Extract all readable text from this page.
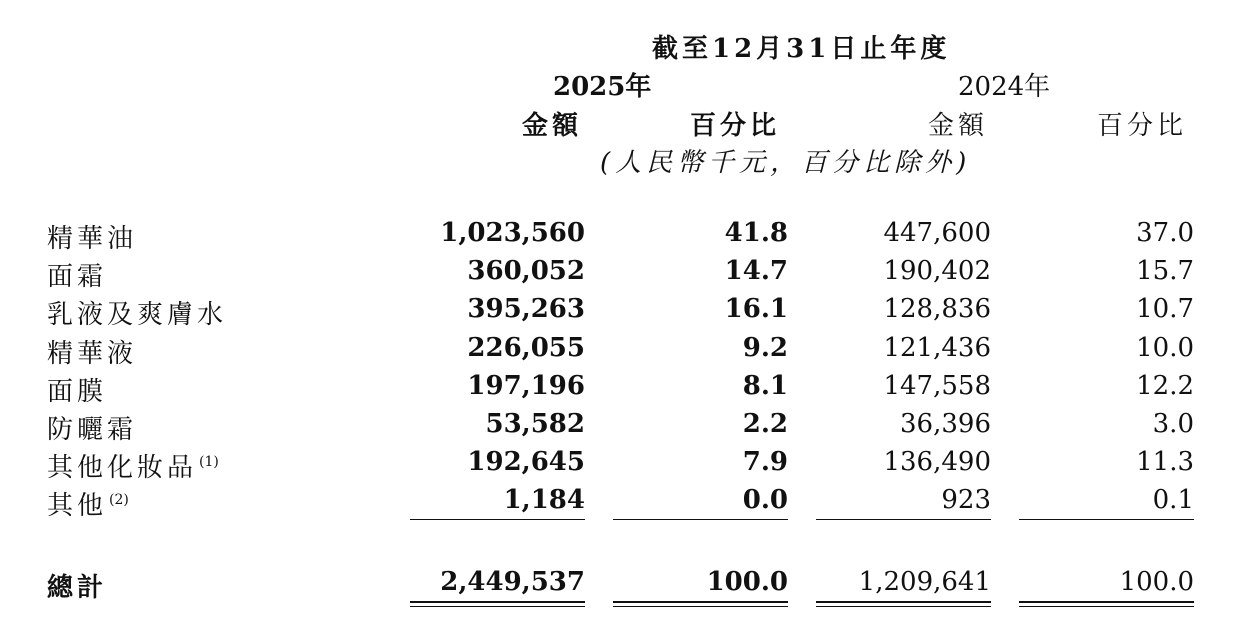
截至12月31日止年度
2025年	2024年
金額	百分比	金額	百分比
(人民幣千元，百分比除外)
精華油	1,023,560	41.8	447,600	37.0
面霜	360,052	14.7	190,402	15.7
乳液及爽膚水	395,263	16.1	128,836	10.7
精華液	226,055	9.2	121,436	10.0
面膜	197,196	8.1	147,558	12.2
防曬霜	53,582	2.2	36,396	3.0
其他化妝品 $^{(1)}$	192,645	7.9	136,490	11.3
其他 $^{(2)}$	1,184	0.0	923	0.1
總計	2,449,537	100.0	1,209,641	100.0
